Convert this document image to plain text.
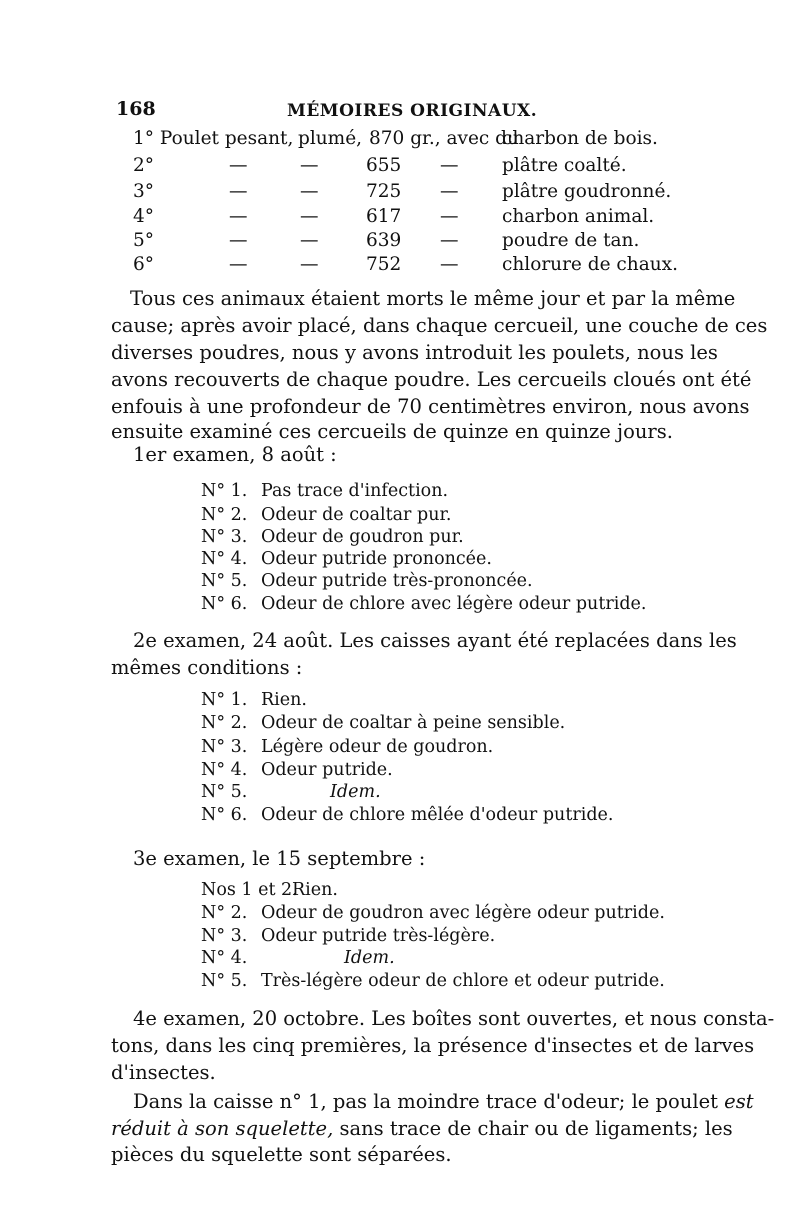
168	MÉMOIRES ORIGINAUX.
1° Poulet pesant, plumé, 870 gr., avec du
charbon de bois.
2°	—	—	655 — plâtre coalté.
3°	—	—	725 — plâtre goudronné.
4°	—	—	617 — charbon animal.
5°	—	—	639 — poudre de tan.
6°	—	—	752 — chlorure de chaux.
Tous ces animaux étaient morts le même jour et par la même
cause; après avoir placé, dans chaque cercueil, une couche de ces
diverses poudres, nous y avons introduit les poulets, nous les
avons recouverts de chaque poudre. Les cercueils cloués ont été
enfouis à une profondeur de 70 centimètres environ, nous avons
ensuite examiné ces cercueils de quinze en quinze jours.
1er examen, 8 août :
N° 1. Pas trace d'infection.
N° 2. Odeur de coaltar pur.
N° 3. Odeur de goudron pur.
N° 4. Odeur putride prononcée.
N° 5. Odeur putride très-prononcée.
N° 6. Odeur de chlore avec légère odeur putride.
2e examen, 24 août. Les caisses ayant été replacées dans les
mêmes conditions :
N° 1. Rien.
N° 2. Odeur de coaltar à peine sensible.
N° 3. Légère odeur de goudron.
N° 4. Odeur putride.
N° 5.	Idem.
N° 6. Odeur de chlore mêlée d'odeur putride.
3e examen, le 15 septembre :
Nos 1 et 2.
Rien.
N° 2. Odeur de goudron avec légère odeur putride.
N° 3. Odeur putride très-légère.
N° 4.	Idem.
N° 5. Très-légère odeur de chlore et odeur putride.
4e examen, 20 octobre. Les boîtes sont ouvertes, et nous consta-
tons, dans les cinq premières, la présence d'insectes et de larves
d'insectes.
Dans la caisse n° 1, pas la moindre trace d'odeur; le poulet est
réduit à son squelette, sans trace de chair ou de ligaments; les
pièces du squelette sont séparées.
